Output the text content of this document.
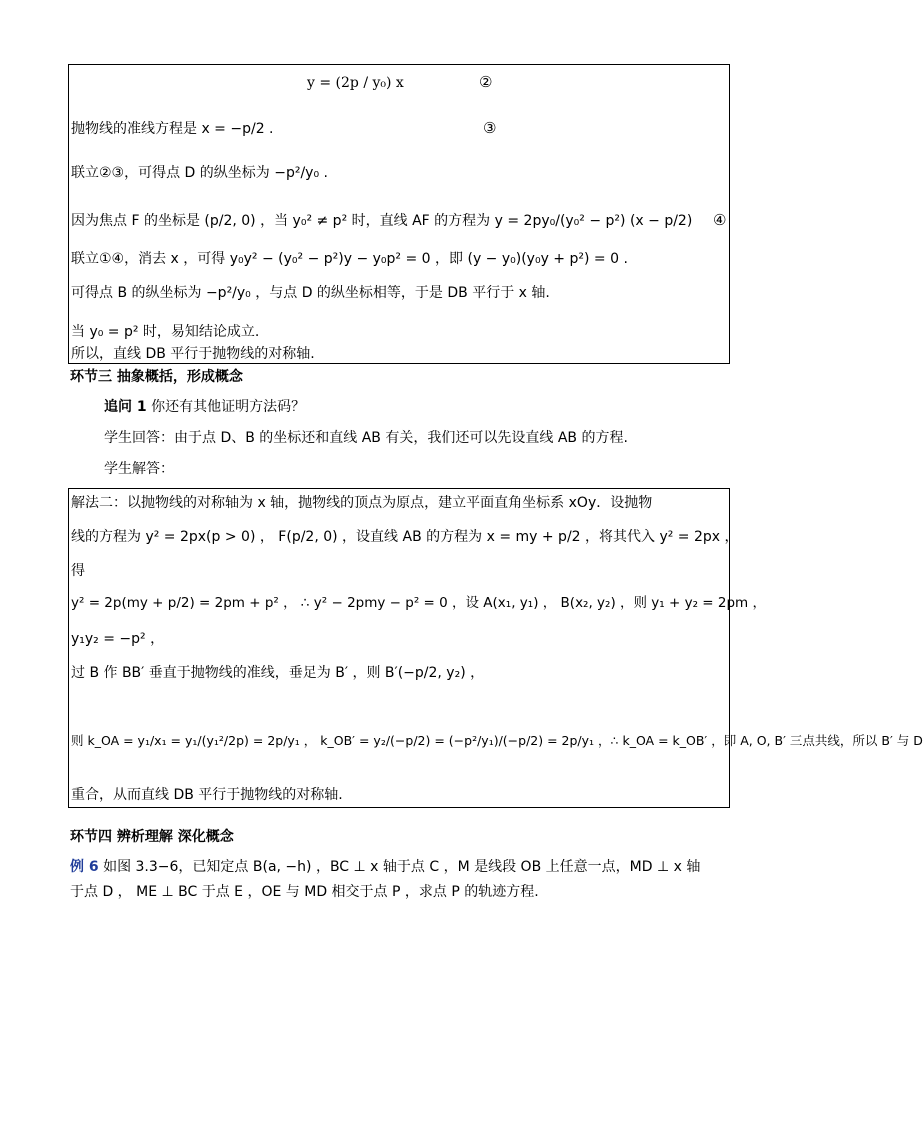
y = (2p / y₀) x	②
抛物线的准线方程是 x = −p/2 .	③
联立②③，可得点 D 的纵坐标为 −p²/y₀ .
因为焦点 F 的坐标是 (p/2, 0) ，当 y₀² ≠ p² 时，直线 AF 的方程为 y = 2py₀/(y₀² − p²) (x − p/2) ④
联立①④，消去 x ，可得 y₀y² − (y₀² − p²)y − y₀p² = 0 ，即 (y − y₀)(y₀y + p²) = 0 .
可得点 B 的纵坐标为 −p²/y₀ ，与点 D 的纵坐标相等，于是 DB 平行于 x 轴.
当 y₀ = p² 时，易知结论成立.
所以，直线 DB 平行于抛物线的对称轴.
环节三 抽象概括，形成概念
追问 1 你还有其他证明方法码？
学生回答：由于点 D、B 的坐标还和直线 AB 有关，我们还可以先设直线 AB 的方程.
学生解答：
解法二：以抛物线的对称轴为 x 轴，抛物线的顶点为原点，建立平面直角坐标系 xOy．设抛物
线的方程为 y² = 2px(p > 0) ， F(p/2, 0) ，设直线 AB 的方程为 x = my + p/2 ，将其代入 y² = 2px ，
得
y² = 2p(my + p/2) = 2pm + p² ， ∴ y² − 2pmy − p² = 0 ，设 A(x₁, y₁) ， B(x₂, y₂) ，则 y₁ + y₂ = 2pm ，
y₁y₂ = −p² ，
过 B 作 BB′ 垂直于抛物线的准线，垂足为 B′ ，则 B′(−p/2, y₂) ，
则 k_OA = y₁/x₁ = y₁/(y₁²/2p) = 2p/y₁ ， k_OB′ = y₂/(−p/2) = (−p²/y₁)/(−p/2) = 2p/y₁ ，∴ k_OA = k_OB′ ，即 A, O, B′ 三点共线，所以 B′ 与 D
重合，从而直线 DB 平行于抛物线的对称轴.
环节四 辨析理解 深化概念
例 6 如图 3.3−6，已知定点 B(a, −h) ，BC ⊥ x 轴于点 C ，M 是线段 OB 上任意一点，MD ⊥ x 轴
于点 D ， ME ⊥ BC 于点 E ，OE 与 MD 相交于点 P ，求点 P 的轨迹方程.
